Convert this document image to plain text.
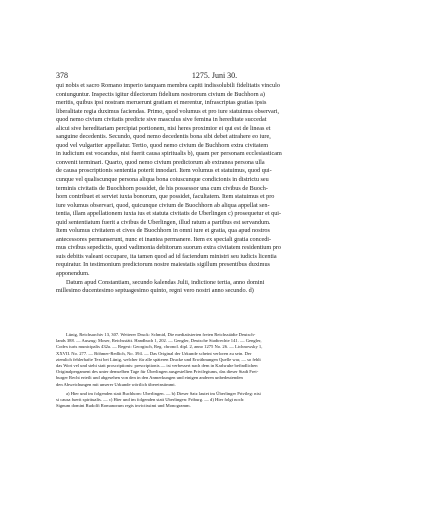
378	1275. Juni 30.
qui nobis et sacro Romano imperio tanquam membra capiti indissolubili fidelitatis vinculo
coniunguntur. Inspectis igitur dilectorum fidelium nostrorum civium de Buchhorn a)
meritis, quibus ipsi nostram meruerunt gratiam et merentur, infrascriptas gratias ipsis
liberalitate regia duximus faciendas. Primo, quod volumus et pro iure statuimus observari,
quod nemo civium civitatis predicte sive masculus sive femina in hereditate succedat
alicui sive hereditariam percipiat portionem, nisi heres proximior ei qui est de lineas et
sanguine decedentis. Secundo, quod nemo decedentis bona sibi debet attrahere eo iure,
quod vel vulgariter appellatur. Tertio, quod nemo civium de Buchhorn extra civitatem
in iudicium est vocandus, nisi fuerit causa spiritualis b), quam per personam ecclesiasticam
convenit terminari. Quarto, quod nemo civium predictorum ab extranea persona ulla
de causa proscriptionis sententia poterit innodari. Item volumus et statuimus, quod qui-
cunque vel qualiscunque persona aliqua bona coiuscunque condicionis in districtu seu
terminis civitatis de Buochhorn possidet, de his possessor una cum civibus de Buoch-
horn contribuet et serviet iuxta bonorum, que possidet, facultatem. Item statuimus et pro
iure volumus observari, quod, quicunque civium de Buochhorn ab aliqua appellat sen-
tentia, illam appellationem iuxta ius et statuta civitatis de Uberlingen c) prosequetur et qui-
quid sententiatum fuerit a civibus de Uberlingen, illud ratum a partibus est servandum.
Item volumus civitatem et cives de Buochhorn in omni iure et gratia, qua apud nostros
antecessores permanserunt, nunc et inantea permanere. Item ex speciali gratia concedi-
mus civibus sepedictis, quod vadimonia debitorum suorum extra civitatem residentium pro
suis debitis valeant occupare, ita tamen quod ad id faciendum ministri seu iudicis licentia
requiratur. In testimonium predictorum nostre maiestatis sigillum presentibus duximus
apponendum.
Datum apud Constantiam, secundo kalendas Julii, indictione tertia, anno domini
millesimo ducentesimo septuagesimo quinto, regni vero nostri anno secundo. d)
Lünig, Reichsarchiv 13, 307. Weiterer Druck: Schmid, Die mediatisierten freien Reichsstädte Deutsch-
lands 388. — Auszug: Moser, Reichsstätt. Handbuch 1, 202. — Gengler, Deutsche Stadtrechte 141. — Gengler,
Codex iuris municipalis 432a. — Regest: Georgisch, Reg. chronol. dipl. 2, anno 1275 No. 26. — Lichnowsky 1,
XXVII. No. 277. — Böhmer-Redlich, No. 394. — Das Original der Urkunde scheint verloren zu sein. Der
ziemlich fehlerhafte Text bei Lünig, welcher für alle späteren Drucke und Erwähnungen Quelle war, — so fehlt
das Wort vel und steht statt proscriptionis: prescriptionis — ist verbessert nach dem in Karlsruhe befindlichen
Originalpergament des unter demselben Tage für Überlingen ausgestellten Privilegiums, das dieser Stadt Frei-
burger Recht erteilt und abgesehen von den in den Anmerkungen und einigen anderen unbedeutenden
den Abweichungen mit unserer Urkunde wörtlich übereinstimmt.
a) Hier und im folgenden statt Buchhorn: Uberlingen. — b) Dieser Satz lautet im Überlinger Privileg: nisi
si causa fuerit spiritualis. — c) Hier und im folgenden statt Uberlingen: Friburg. — d) Hier folgt noch:
Signum domini Rudolfi Romanorum regis invictissimi und Monogramm.
